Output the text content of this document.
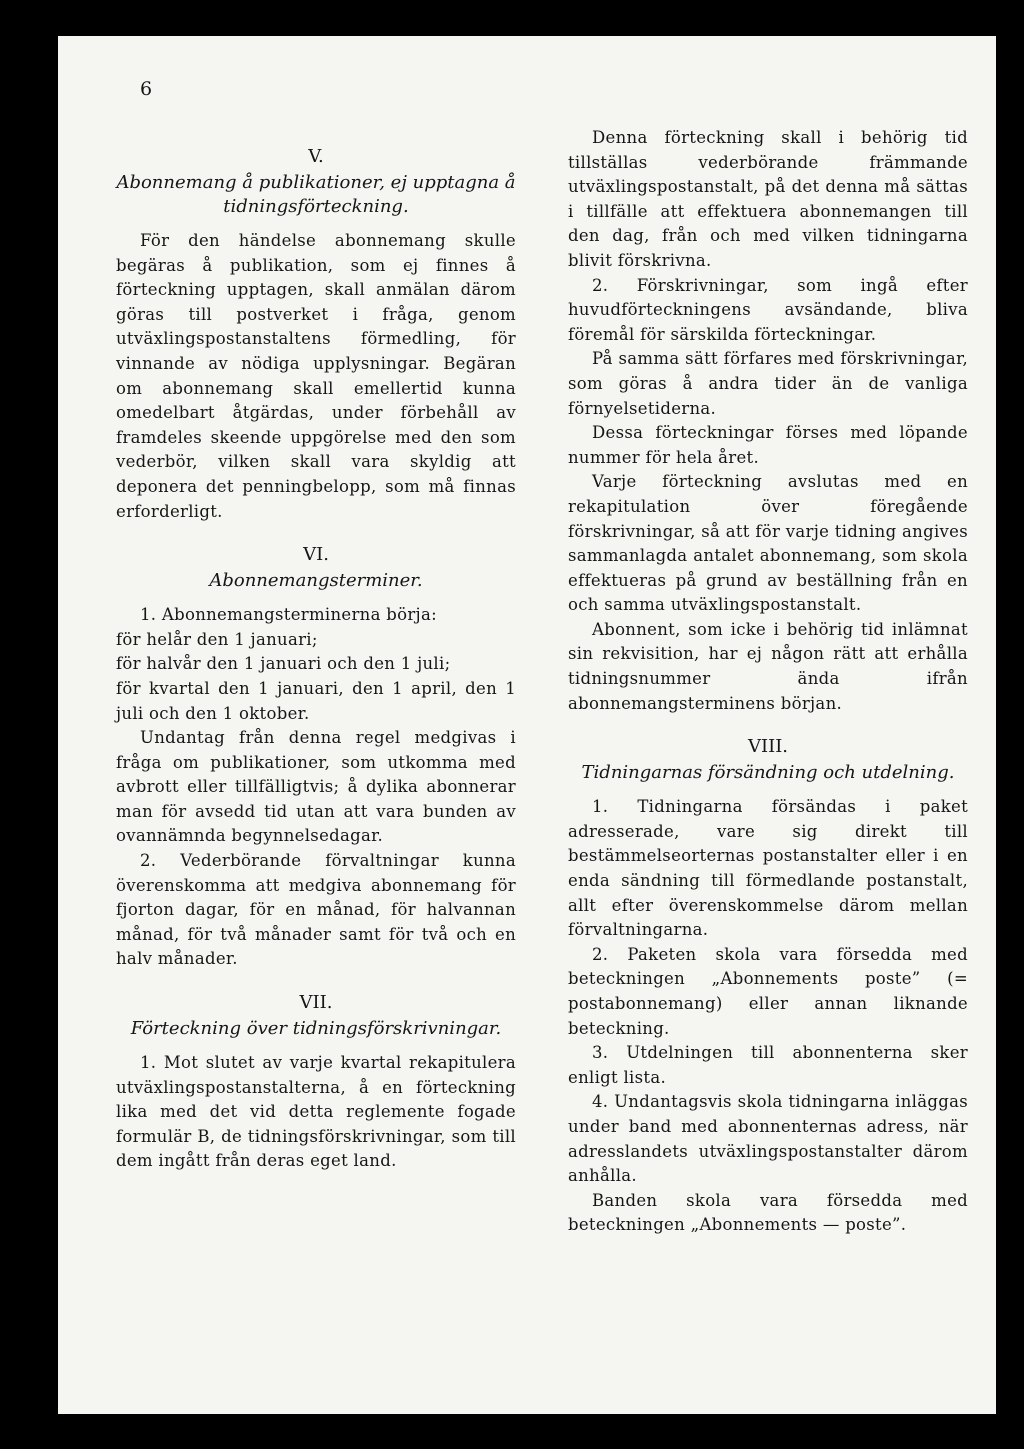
6
V.
Abonnemang å publikationer, ej upptagna å tidningsförteckning.

För den händelse abonnemang skulle begäras å publikation, som ej finnes å förteckning upptagen, skall anmälan därom göras till postverket i fråga, genom utväxlingspostanstaltens förmedling, för vinnande av nödiga upplysningar. Begäran om abonnemang skall emellertid kunna omedelbart åtgärdas, under förbehåll av framdeles skeende uppgörelse med den som vederbör, vilken skall vara skyldig att deponera det penningbelopp, som må finnas erforderligt.

VI.
Abonnemangsterminer.

1. Abonnemangsterminerna börja:

för helår den 1 januari;

för halvår den 1 januari och den 1 juli;

för kvartal den 1 januari, den 1 april, den 1 juli och den 1 oktober.

Undantag från denna regel medgivas i fråga om publikationer, som utkomma med avbrott eller tillfälligtvis; å dylika abonnerar man för avsedd tid utan att vara bunden av ovannämnda begynnelsedagar.

2. Vederbörande förvaltningar kunna överenskomma att medgiva abonnemang för fjorton dagar, för en månad, för halvannan månad, för två månader samt för två och en halv månader.

VII.
Förteckning över tidningsförskrivningar.

1. Mot slutet av varje kvartal rekapitulera utväxlingspostanstalterna, å en förteckning lika med det vid detta reglemente fogade formulär B, de tidningsförskrivningar, som till dem ingått från deras eget land.

Denna förteckning skall i behörig tid tillställas vederbörande främmande utväxlingspostanstalt, på det denna må sättas i tillfälle att effektuera abonnemangen till den dag, från och med vilken tidningarna blivit förskrivna.

2. Förskrivningar, som ingå efter huvudförteckningens avsändande, bliva föremål för särskilda förteckningar.

På samma sätt förfares med förskrivningar, som göras å andra tider än de vanliga förnyelsetiderna.

Dessa förteckningar förses med löpande nummer för hela året.

Varje förteckning avslutas med en rekapitulation över föregående förskrivningar, så att för varje tidning angives sammanlagda antalet abonnemang, som skola effektueras på grund av beställning från en och samma utväxlingspostanstalt.

Abonnent, som icke i behörig tid inlämnat sin rekvisition, har ej någon rätt att erhålla tidningsnummer ända ifrån abonnemangsterminens början.

VIII.
Tidningarnas försändning och utdelning.

1. Tidningarna försändas i paket adresserade, vare sig direkt till bestämmelseorternas postanstalter eller i en enda sändning till förmedlande postanstalt, allt efter överenskommelse därom mellan förvaltningarna.

2. Paketen skola vara försedda med beteckningen „Abonnements poste” (= postabonnemang) eller annan liknande beteckning.

3. Utdelningen till abonnenterna sker enligt lista.

4. Undantagsvis skola tidningarna inläggas under band med abonnenternas adress, när adresslandets utväxlingspostanstalter därom anhålla.

Banden skola vara försedda med beteckningen „Abonnements — poste”.
